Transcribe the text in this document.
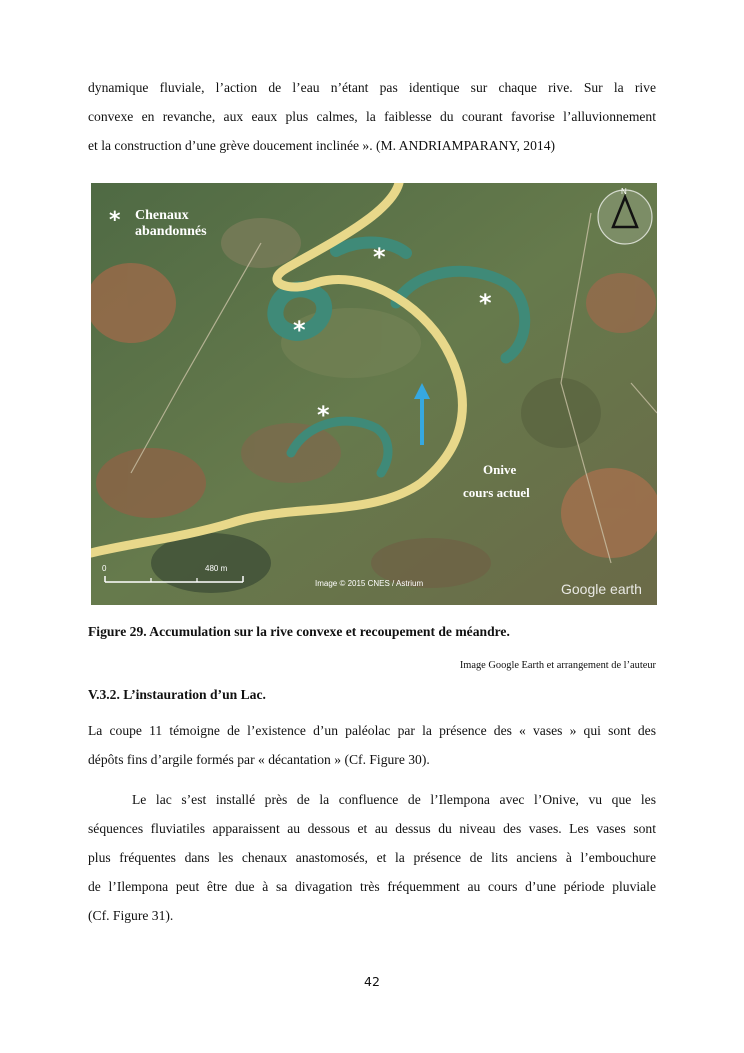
dynamique fluviale, l’action de l’eau n’étant pas identique sur chaque rive. Sur la rive
convexe en revanche, aux eaux plus calmes, la faiblesse du courant favorise l’alluvionnement
et la construction d’une grève doucement inclinée ». (M. ANDRIAMPARANY, 2014)
* Chenaux
abandonnés
*
*
*
*
Onive
cours actuel
N
0	480 m
Image © 2015 CNES / Astrium	Google earth
Figure 29. Accumulation sur la rive convexe et recoupement de méandre.
Image Google Earth et arrangement de l’auteur
V.3.2. L’instauration d’un Lac.
La coupe 11 témoigne de l’existence d’un paléolac par la présence des « vases » qui sont des
dépôts fins d’argile formés par « décantation » (Cf. Figure 30).
Le lac s’est installé près de la confluence de l’Ilempona avec l’Onive, vu que les
séquences fluviatiles apparaissent au dessous et au dessus du niveau des vases. Les vases sont
plus fréquentes dans les chenaux anastomosés, et la présence de lits anciens à l’embouchure
de l’Ilempona peut être due à sa divagation très fréquemment au cours d’une période pluviale
(Cf. Figure 31).
42
